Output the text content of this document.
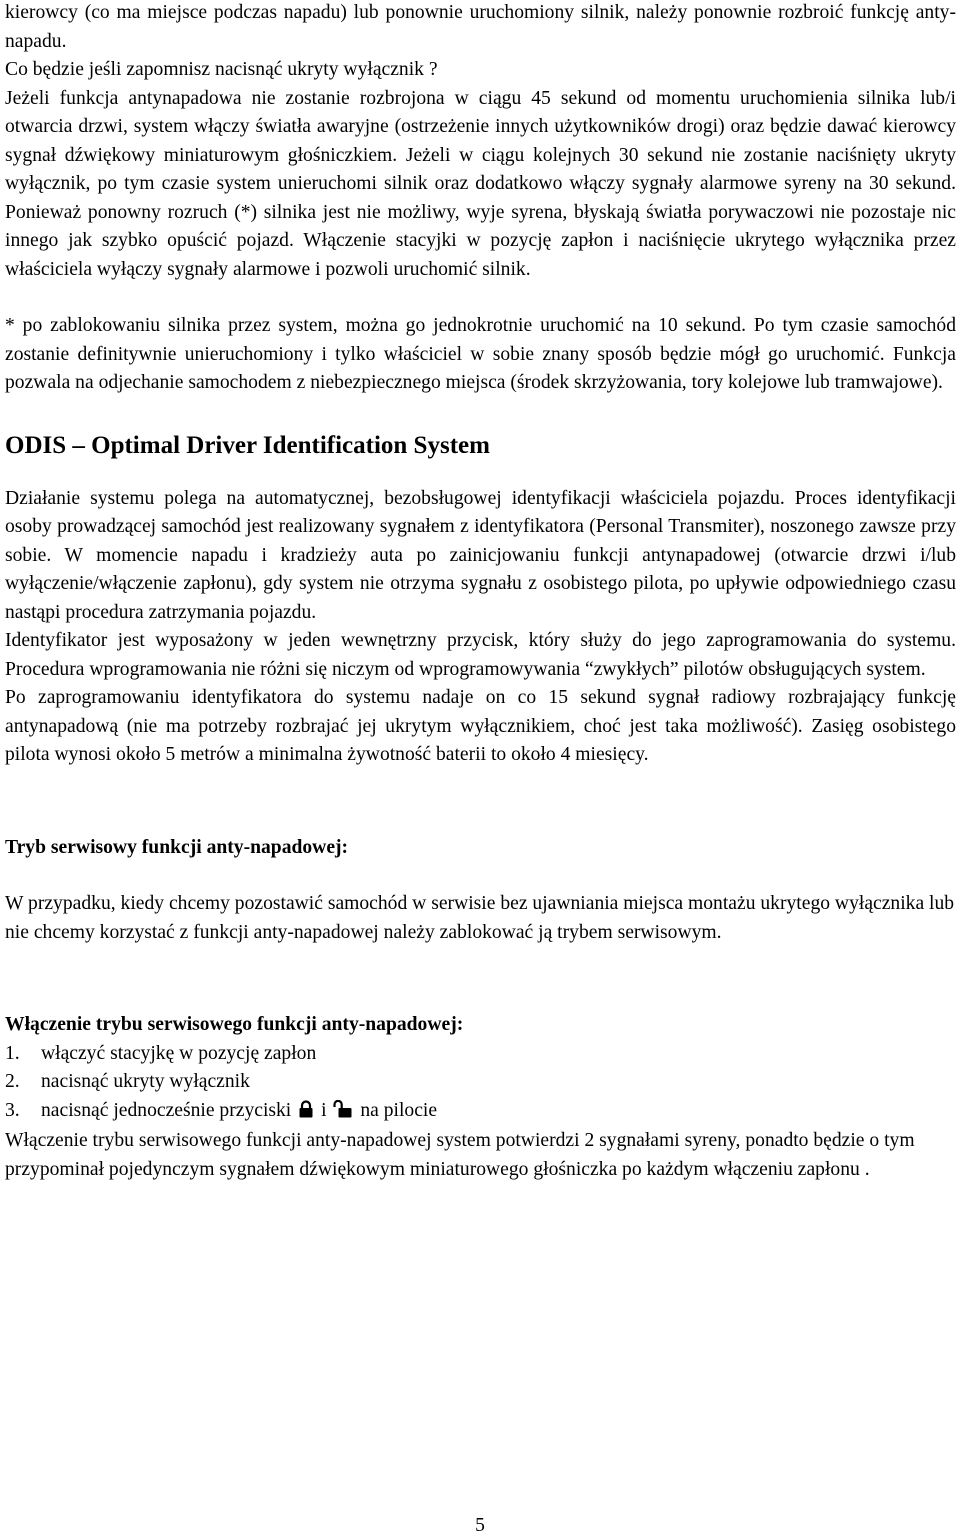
kierowcy (co ma miejsce podczas napadu) lub ponownie uruchomiony silnik, należy ponownie rozbroić funkcję anty-napadu.

Co będzie jeśli zapomnisz nacisnąć ukryty wyłącznik ?

Jeżeli funkcja antynapadowa nie zostanie rozbrojona w ciągu 45 sekund od momentu uruchomienia silnika lub/i otwarcia drzwi, system włączy światła awaryjne (ostrzeżenie innych użytkowników drogi) oraz będzie dawać kierowcy sygnał dźwiękowy miniaturowym głośniczkiem. Jeżeli w ciągu kolejnych 30 sekund nie zostanie naciśnięty ukryty wyłącznik, po tym czasie system unieruchomi silnik oraz dodatkowo włączy sygnały alarmowe syreny na 30 sekund. Ponieważ ponowny rozruch (*) silnika jest nie możliwy, wyje syrena, błyskają światła porywaczowi nie pozostaje nic innego jak szybko opuścić pojazd. Włączenie stacyjki w pozycję zapłon i naciśnięcie ukrytego wyłącznika przez właściciela wyłączy sygnały alarmowe i pozwoli uruchomić silnik.

* po zablokowaniu silnika przez system, można go jednokrotnie uruchomić na 10 sekund. Po tym czasie samochód zostanie definitywnie unieruchomiony i tylko właściciel w sobie znany sposób będzie mógł go uruchomić. Funkcja pozwala na odjechanie samochodem z niebezpiecznego miejsca (środek skrzyżowania, tory kolejowe lub tramwajowe).

ODIS – Optimal Driver Identification System

Działanie systemu polega na automatycznej, bezobsługowej identyfikacji właściciela pojazdu. Proces identyfikacji osoby prowadzącej samochód jest realizowany sygnałem z identyfikatora (Personal Transmiter), noszonego zawsze przy sobie. W momencie napadu i kradzieży auta po zainicjowaniu funkcji antynapadowej (otwarcie drzwi i/lub wyłączenie/włączenie zapłonu), gdy system nie otrzyma sygnału z osobistego pilota, po upływie odpowiedniego czasu nastąpi procedura zatrzymania pojazdu.

Identyfikator jest wyposażony w jeden wewnętrzny przycisk, który służy do jego zaprogramowania do systemu. Procedura wprogramowania nie różni się niczym od wprogramowywania “zwykłych” pilotów obsługujących system.

Po zaprogramowaniu identyfikatora do systemu nadaje on co 15 sekund sygnał radiowy rozbrajający funkcję antynapadową (nie ma potrzeby rozbrajać jej ukrytym wyłącznikiem, choć jest taka możliwość). Zasięg osobistego pilota wynosi około 5 metrów a minimalna żywotność baterii to około 4 miesięcy.

Tryb serwisowy funkcji anty-napadowej:

W przypadku, kiedy chcemy pozostawić samochód w serwisie bez ujawniania miejsca montażu ukrytego wyłącznika lub nie chcemy korzystać z funkcji anty-napadowej należy zablokować ją trybem serwisowym.

Włączenie trybu serwisowego funkcji anty-napadowej:
1. włączyć stacyjkę w pozycję zapłon
2. nacisnąć ukryty wyłącznik
3. nacisnąć jednocześnie przyciski i na pilocie

Włączenie trybu serwisowego funkcji anty-napadowej system potwierdzi 2 sygnałami syreny, ponadto będzie o tym przypominał pojedynczym sygnałem dźwiękowym miniaturowego głośniczka po każdym włączeniu zapłonu .

5
